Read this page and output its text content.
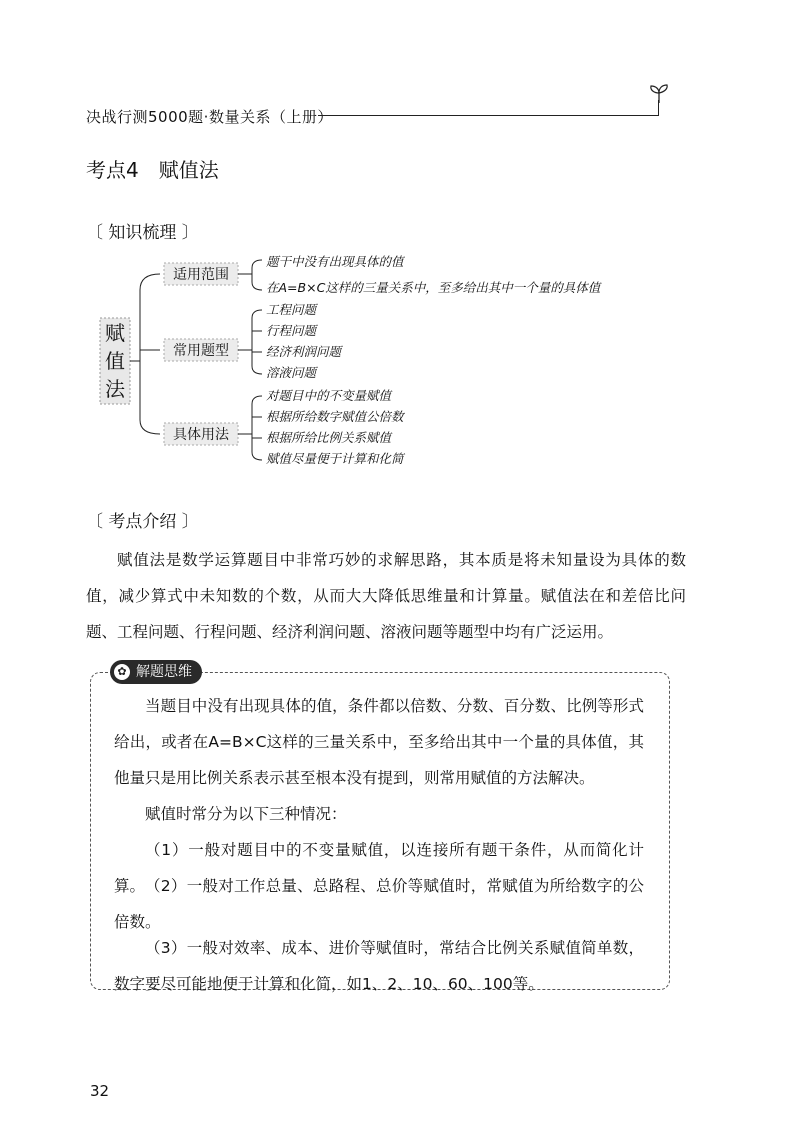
决战行测5000题·数量关系（上册）
考点4　赋值法
〔 知识梳理 〕
赋
值
法
适用范围
常用题型
具体用法
题干中没有出现具体的值
在A=B×C这样的三量关系中，至多给出其中一个量的具体值
工程问题
行程问题
经济利润问题
溶液问题
对题目中的不变量赋值
根据所给数字赋值公倍数
根据所给比例关系赋值
赋值尽量便于计算和化简
〔 考点介绍 〕
赋值法是数学运算题目中非常巧妙的求解思路，其本质是将未知量设为具体的数值，减少算式中未知数的个数，从而大大降低思维量和计算量。赋值法在和差倍比问题、工程问题、行程问题、经济利润问题、溶液问题等题型中均有广泛运用。
✿ 解题思维
当题目中没有出现具体的值，条件都以倍数、分数、百分数、比例等形式给出，或者在A=B×C这样的三量关系中，至多给出其中一个量的具体值，其他量只是用比例关系表示甚至根本没有提到，则常用赋值的方法解决。
赋值时常分为以下三种情况：
（1）一般对题目中的不变量赋值，以连接所有题干条件，从而简化计算。 （2）一般对工作总量、总路程、总价等赋值时，常赋值为所给数字的公倍数。
（3）一般对效率、成本、进价等赋值时，常结合比例关系赋值简单数，数字要尽可能地便于计算和化简，如1、2、10、60、100等。
32
